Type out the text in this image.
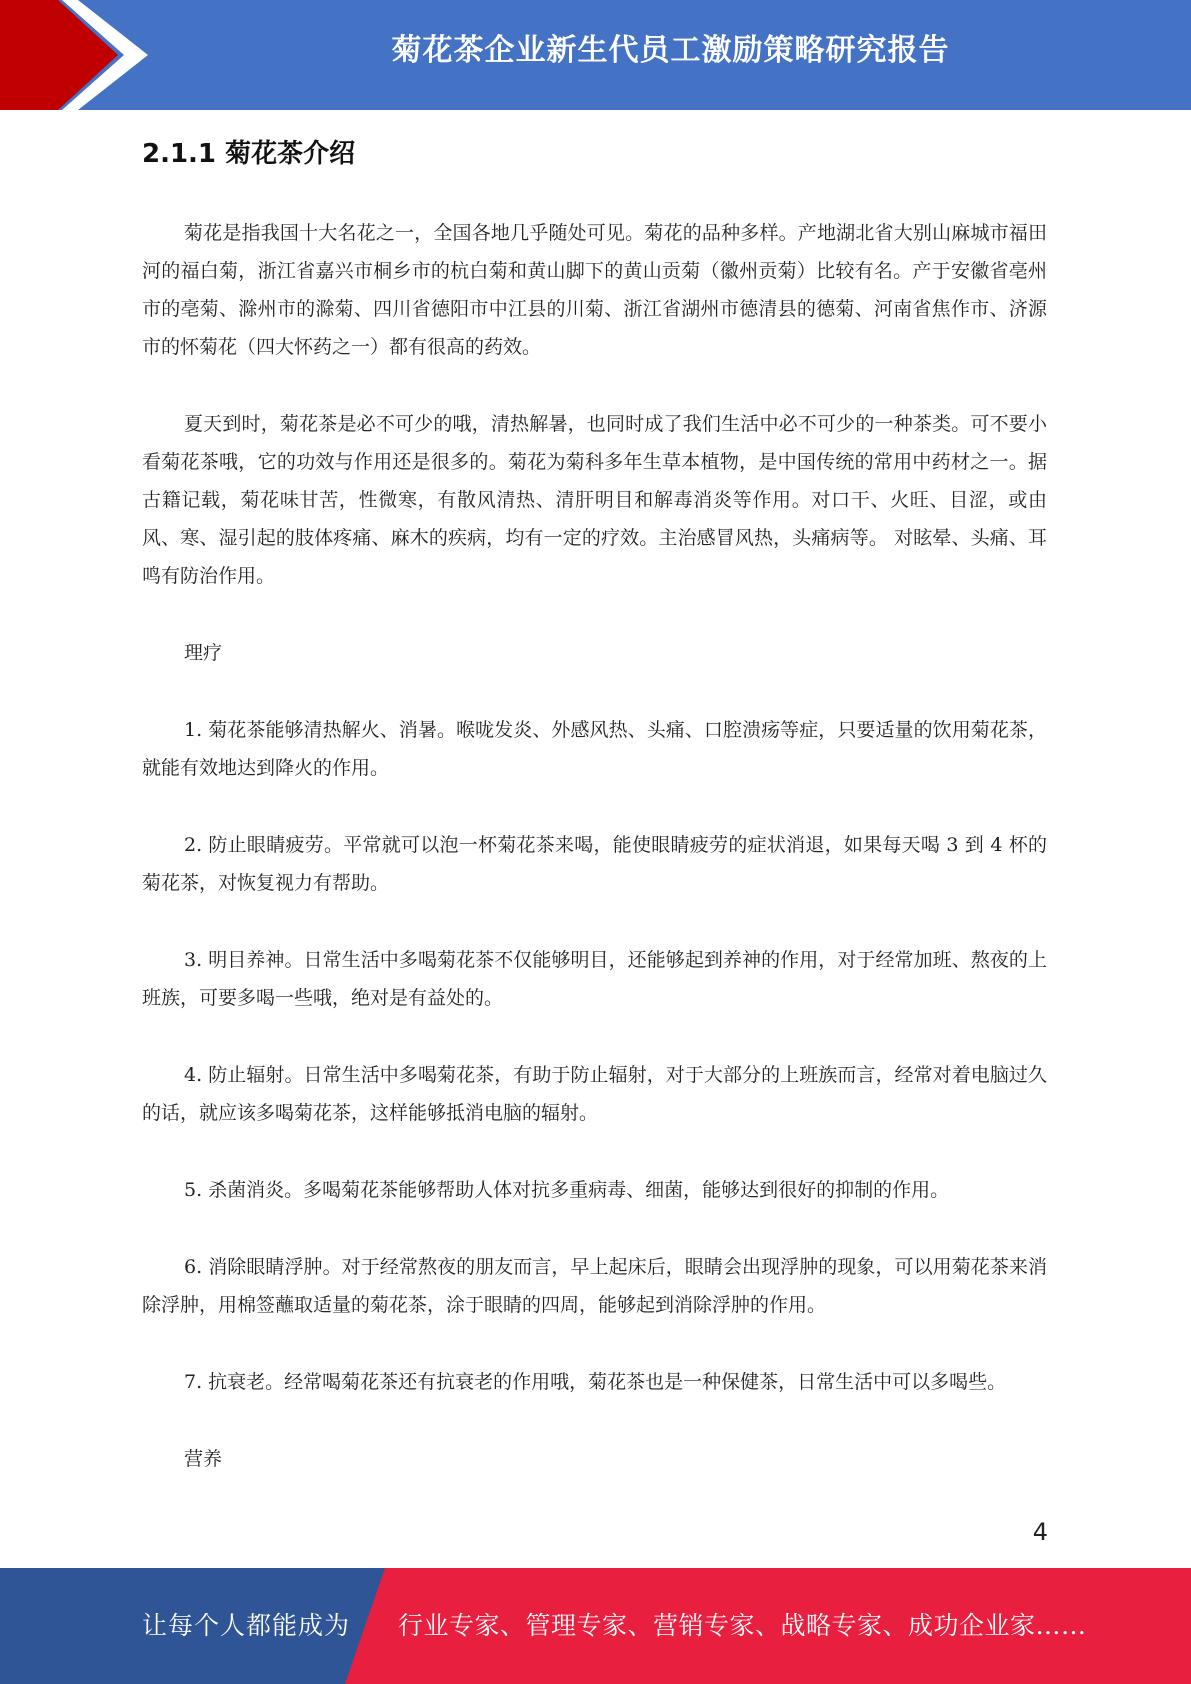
菊花茶企业新生代员工激励策略研究报告
2.1.1 菊花茶介绍

菊花是指我国十大名花之一，全国各地几乎随处可见。菊花的品种多样。产地湖北省大别山麻城市福田河的福白菊，浙江省嘉兴市桐乡市的杭白菊和黄山脚下的黄山贡菊（徽州贡菊）比较有名。产于安徽省亳州市的亳菊、滁州市的滁菊、四川省德阳市中江县的川菊、浙江省湖州市德清县的德菊、河南省焦作市、济源市的怀菊花（四大怀药之一）都有很高的药效。

夏天到时，菊花茶是必不可少的哦，清热解暑，也同时成了我们生活中必不可少的一种茶类。可不要小看菊花茶哦，它的功效与作用还是很多的。菊花为菊科多年生草本植物，是中国传统的常用中药材之一。据古籍记载，菊花味甘苦，性微寒，有散风清热、清肝明目和解毒消炎等作用。对口干、火旺、目涩，或由风、寒、湿引起的肢体疼痛、麻木的疾病，均有一定的疗效。主治感冒风热，头痛病等。 对眩晕、头痛、耳鸣有防治作用。

理疗

1. 菊花茶能够清热解火、消暑。喉咙发炎、外感风热、头痛、口腔溃疡等症，只要适量的饮用菊花茶，就能有效地达到降火的作用。

2. 防止眼睛疲劳。平常就可以泡一杯菊花茶来喝，能使眼睛疲劳的症状消退，如果每天喝 3 到 4 杯的菊花茶，对恢复视力有帮助。

3. 明目养神。日常生活中多喝菊花茶不仅能够明目，还能够起到养神的作用，对于经常加班、熬夜的上班族，可要多喝一些哦，绝对是有益处的。

4. 防止辐射。日常生活中多喝菊花茶，有助于防止辐射，对于大部分的上班族而言，经常对着电脑过久的话，就应该多喝菊花茶，这样能够抵消电脑的辐射。

5. 杀菌消炎。多喝菊花茶能够帮助人体对抗多重病毒、细菌，能够达到很好的抑制的作用。

6. 消除眼睛浮肿。对于经常熬夜的朋友而言，早上起床后，眼睛会出现浮肿的现象，可以用菊花茶来消除浮肿，用棉签蘸取适量的菊花茶，涂于眼睛的四周，能够起到消除浮肿的作用。

7. 抗衰老。经常喝菊花茶还有抗衰老的作用哦，菊花茶也是一种保健茶，日常生活中可以多喝些。

营养

4
让每个人都能成为 行业专家、管理专家、营销专家、战略专家、成功企业家……
